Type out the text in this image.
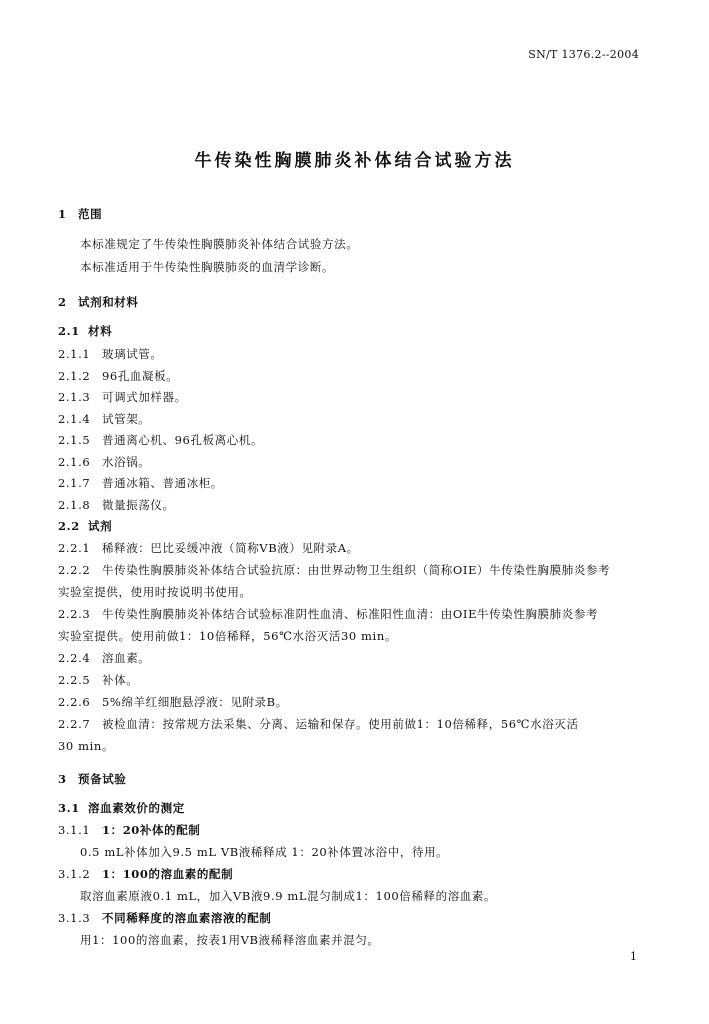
SN/T 1376.2--2004
牛传染性胸膜肺炎补体结合试验方法
1 范围
本标准规定了牛传染性胸膜肺炎补体结合试验方法。
本标准适用于牛传染性胸膜肺炎的血清学诊断。
2 试剂和材料
2.1 材料
2.1.1 玻璃试管。
2.1.2 96孔血凝板。
2.1.3 可调式加样器。
2.1.4 试管架。
2.1.5 普通离心机、96孔板离心机。
2.1.6 水浴锅。
2.1.7 普通冰箱、普通冰柜。
2.1.8 微量振荡仪。
2.2 试剂
2.2.1 稀释液：巴比妥缓冲液（简称VB液）见附录A。
2.2.2 牛传染性胸膜肺炎补体结合试验抗原：由世界动物卫生组织（简称OIE）牛传染性胸膜肺炎参考
实验室提供，使用时按说明书使用。
2.2.3 牛传染性胸膜肺炎补体结合试验标准阴性血清、标准阳性血清：由OIE牛传染性胸膜肺炎参考
实验室提供。使用前做1：10倍稀释，56℃水浴灭活30 min。
2.2.4 溶血素。
2.2.5 补体。
2.2.6 5%绵羊红细胞悬浮液：见附录B。
2.2.7 被检血清：按常规方法采集、分离、运输和保存。使用前做1：10倍稀释，56℃水浴灭活
30 min。
3 预备试验
3.1 溶血素效价的测定
3.1.1 1：20补体的配制
0.5 mL补体加入9.5 mL VB液稀释成 1：20补体置冰浴中，待用。
3.1.2 1：100的溶血素的配制
取溶血素原液0.1 mL，加入VB液9.9 mL混匀制成1：100倍稀释的溶血素。
3.1.3 不同稀释度的溶血素溶液的配制
用1：100的溶血素，按表1用VB液稀释溶血素并混匀。
1
